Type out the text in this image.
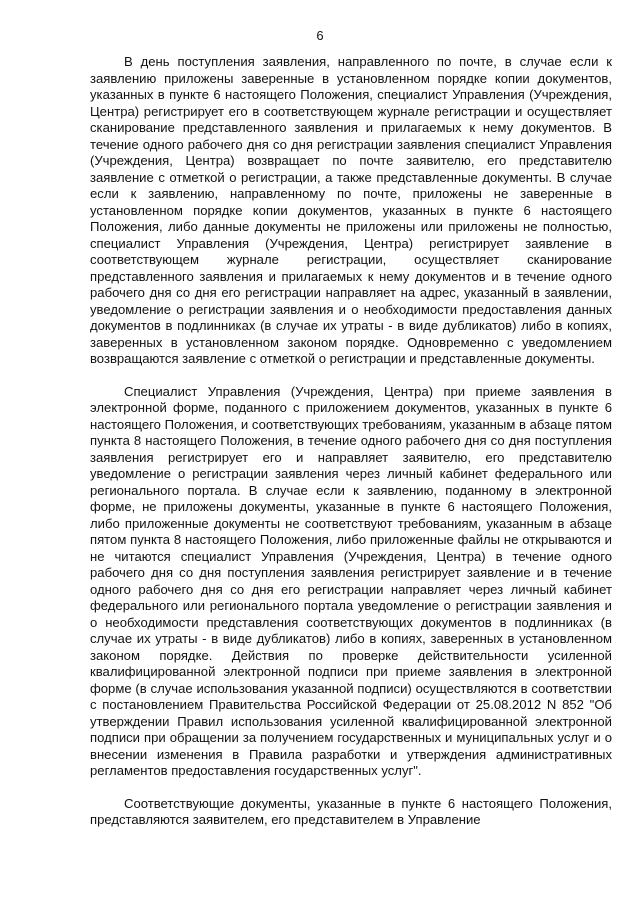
6

В день поступления заявления, направленного по почте, в случае если к заявлению приложены заверенные в установленном порядке копии документов, указанных в пункте 6 настоящего Положения, специалист Управления (Учреждения, Центра) регистрирует его в соответствующем журнале регистрации и осуществляет сканирование представленного заявления и прилагаемых к нему документов. В течение одного рабочего дня со дня регистрации заявления специалист Управления (Учреждения, Центра) возвращает по почте заявителю, его представителю заявление с отметкой о регистрации, а также представленные документы. В случае если к заявлению, направленному по почте, приложены не заверенные в установленном порядке копии документов, указанных в пункте 6 настоящего Положения, либо данные документы не приложены или приложены не полностью, специалист Управления (Учреждения, Центра) регистрирует заявление в соответствующем журнале регистрации, осуществляет сканирование представленного заявления и прилагаемых к нему документов и в течение одного рабочего дня со дня его регистрации направляет на адрес, указанный в заявлении, уведомление о регистрации заявления и о необходимости предоставления данных документов в подлинниках (в случае их утраты - в виде дубликатов) либо в копиях, заверенных в установленном законом порядке. Одновременно с уведомлением возвращаются заявление с отметкой о регистрации и представленные документы.

Специалист Управления (Учреждения, Центра) при приеме заявления в электронной форме, поданного с приложением документов, указанных в пункте 6 настоящего Положения, и соответствующих требованиям, указанным в абзаце пятом пункта 8 настоящего Положения, в течение одного рабочего дня со дня поступления заявления регистрирует его и направляет заявителю, его представителю уведомление о регистрации заявления через личный кабинет федерального или регионального портала. В случае если к заявлению, поданному в электронной форме, не приложены документы, указанные в пункте 6 настоящего Положения, либо приложенные документы не соответствуют требованиям, указанным в абзаце пятом пункта 8 настоящего Положения, либо приложенные файлы не открываются и не читаются специалист Управления (Учреждения, Центра) в течение одного рабочего дня со дня поступления заявления регистрирует заявление и в течение одного рабочего дня со дня его регистрации направляет через личный кабинет федерального или регионального портала уведомление о регистрации заявления и о необходимости представления соответствующих документов в подлинниках (в случае их утраты - в виде дубликатов) либо в копиях, заверенных в установленном законом порядке. Действия по проверке действительности усиленной квалифицированной электронной подписи при приеме заявления в электронной форме (в случае использования указанной подписи) осуществляются в соответствии с постановлением Правительства Российской Федерации от 25.08.2012 N 852 "Об утверждении Правил использования усиленной квалифицированной электронной подписи при обращении за получением государственных и муниципальных услуг и о внесении изменения в Правила разработки и утверждения административных регламентов предоставления государственных услуг".

Соответствующие документы, указанные в пункте 6 настоящего Положения, представляются заявителем, его представителем в Управление
